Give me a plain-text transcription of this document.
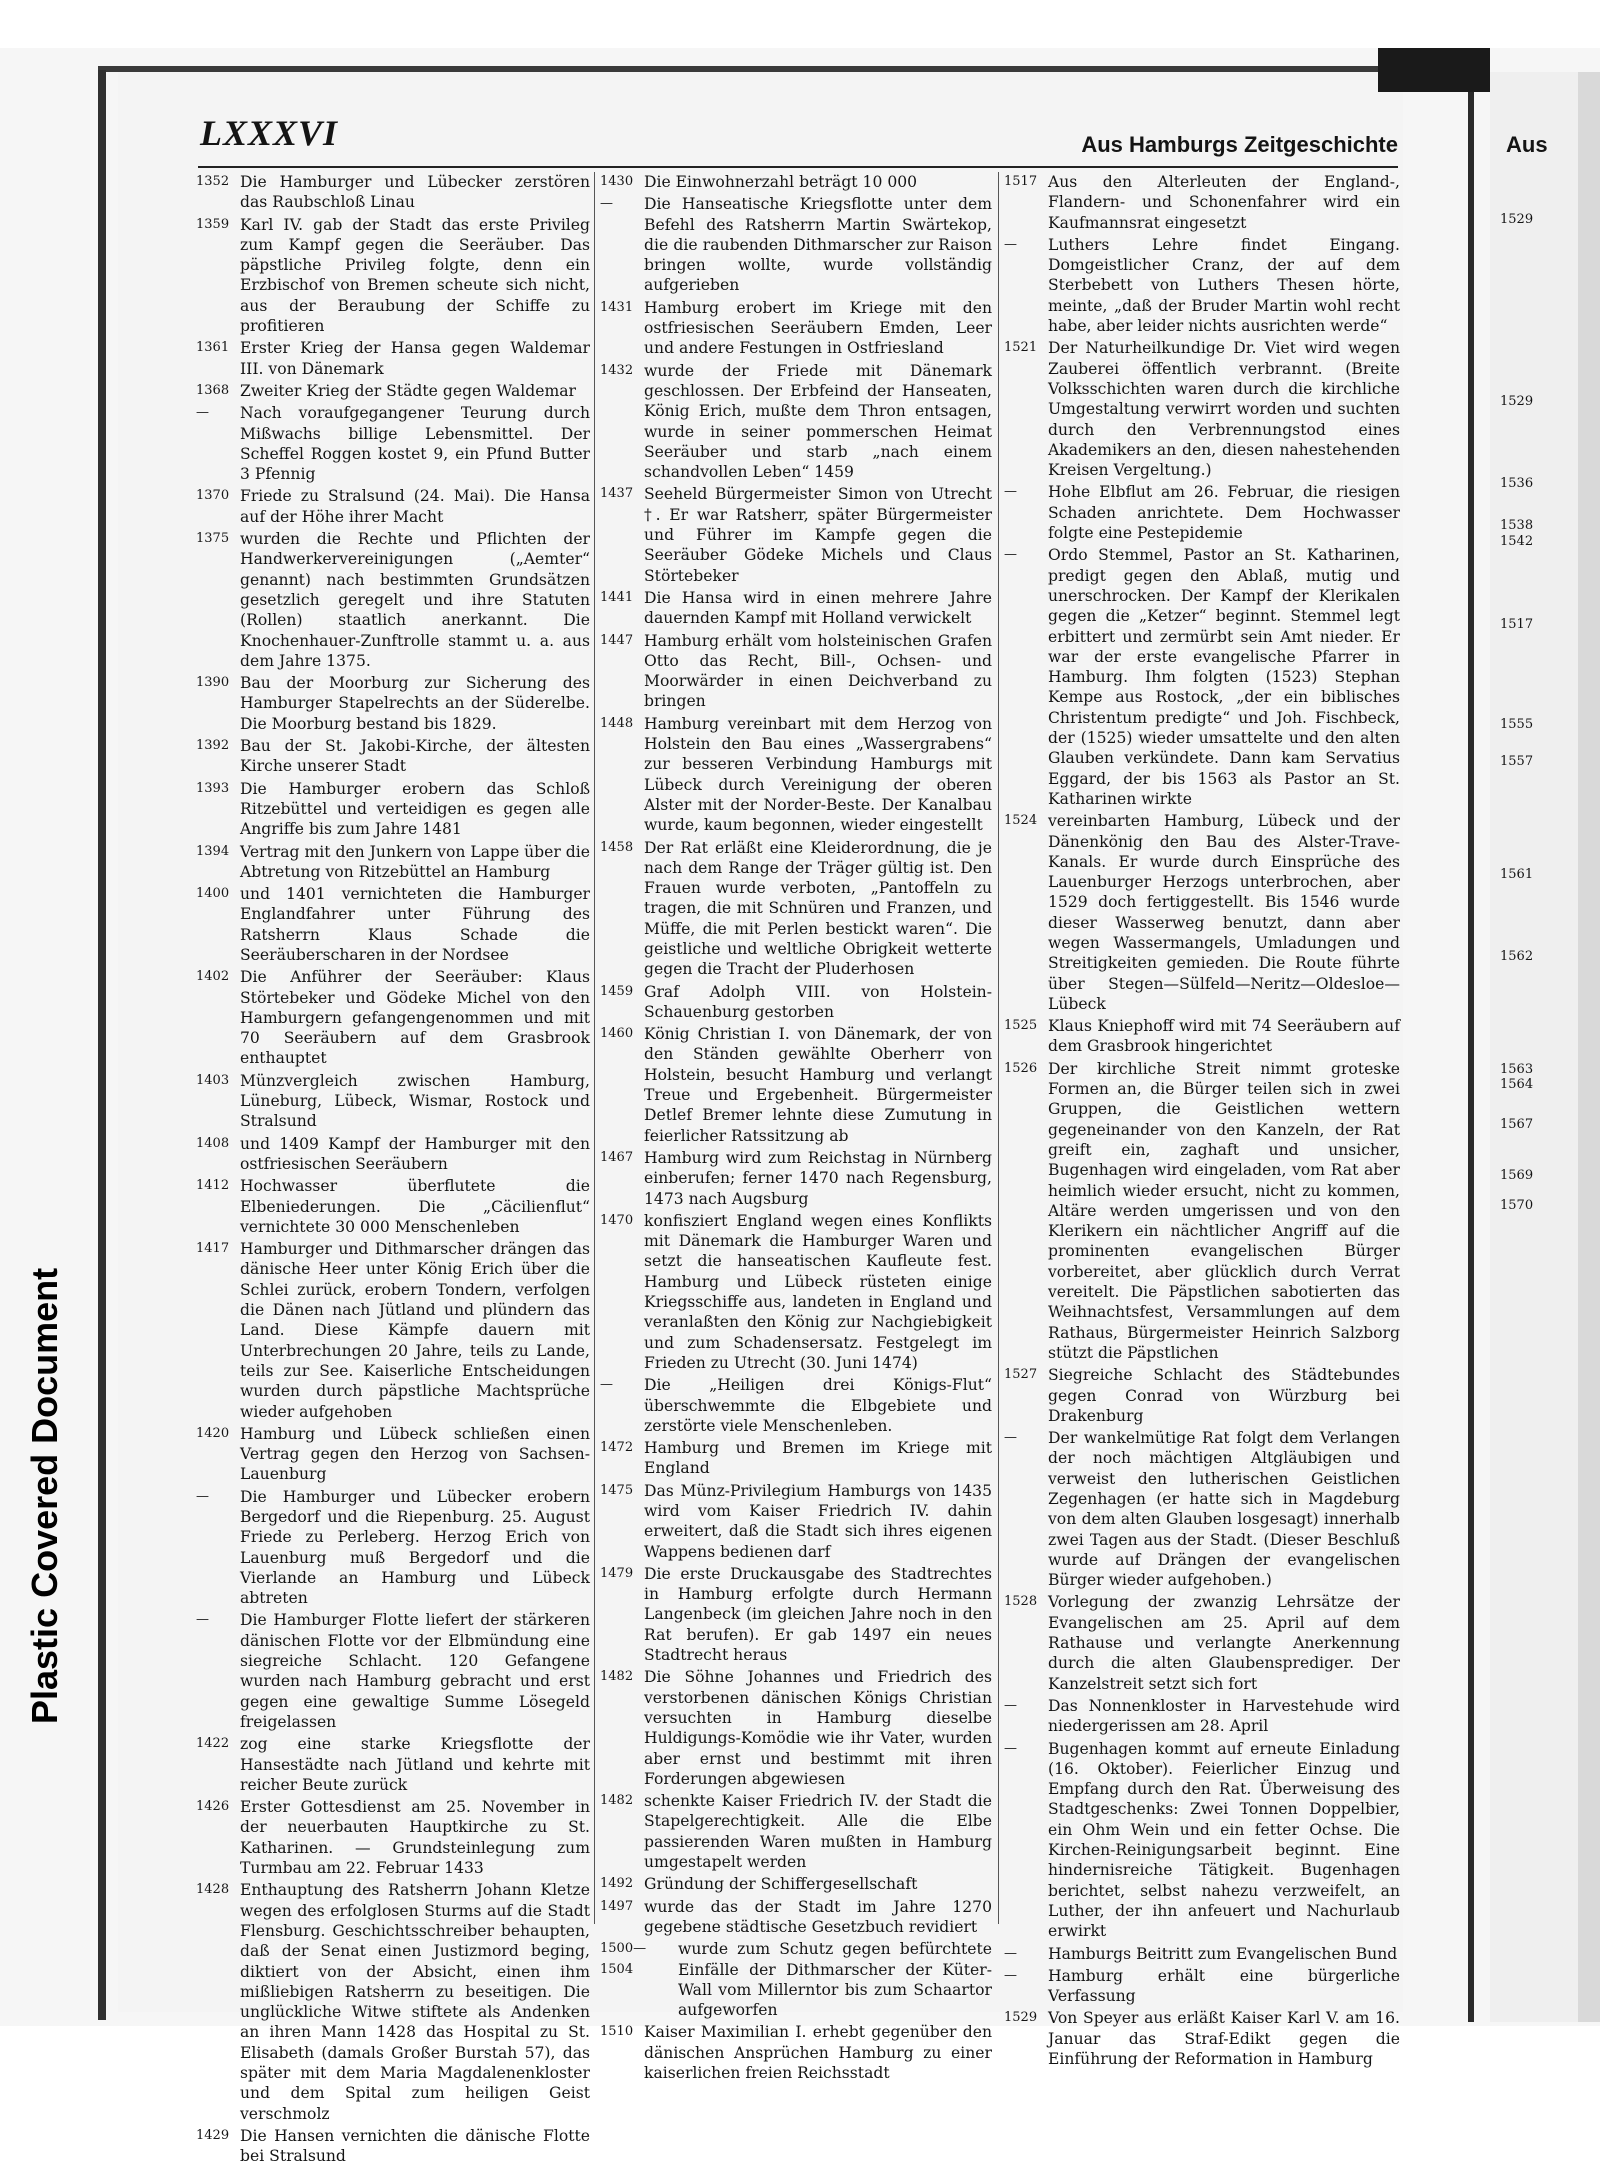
Aus
1529
1529
1536
1538
1542
1517
1555
1557
1561
1562
1563
1564
1567
1569
1570
Plastic Covered Document
LXXXVI	Aus Hamburgs Zeitgeschichte
1352 Die Hamburger und Lübecker zerstören das Raubschloß Linau
1359 Karl IV. gab der Stadt das erste Privileg zum Kampf gegen die Seeräuber. Das päpstliche Privileg folgte, denn ein Erzbischof von Bremen scheute sich nicht, aus der Beraubung der Schiffe zu profitieren
1361 Erster Krieg der Hansa gegen Waldemar III. von Dänemark
1368 Zweiter Krieg der Städte gegen Waldemar
—	Nach voraufgegangener Teurung durch Mißwachs billige Lebensmittel. Der Scheffel Roggen kostet 9, ein Pfund Butter 3 Pfennig
1370 Friede zu Stralsund (24. Mai). Die Hansa auf der Höhe ihrer Macht
1375 wurden die Rechte und Pflichten der Handwerkervereinigungen („Aemter“ genannt) nach bestimmten Grundsätzen gesetzlich geregelt und ihre Statuten (Rollen) staatlich anerkannt. Die Knochenhauer-Zunftrolle stammt u. a. aus dem Jahre 1375.
1390 Bau der Moorburg zur Sicherung des Hamburger Stapelrechts an der Süderelbe. Die Moorburg bestand bis 1829.
1392 Bau der St. Jakobi-Kirche, der ältesten Kirche unserer Stadt
1393 Die Hamburger erobern das Schloß Ritzebüttel und verteidigen es gegen alle Angriffe bis zum Jahre 1481
1394 Vertrag mit den Junkern von Lappe über die Abtretung von Ritzebüttel an Hamburg
1400 und 1401 vernichteten die Hamburger Englandfahrer unter Führung des Ratsherrn Klaus Schade die Seeräuberscharen in der Nordsee
1402 Die Anführer der Seeräuber: Klaus Störtebeker und Gödeke Michel von den Hamburgern gefangengenommen und mit 70 Seeräubern auf dem Grasbrook enthauptet
1403 Münzvergleich zwischen Hamburg, Lüneburg, Lübeck, Wismar, Rostock und Stralsund
1408 und 1409 Kampf der Hamburger mit den ostfriesischen Seeräubern
1412 Hochwasser überflutete die Elbeniederungen. Die „Cäcilienflut“ vernichtete 30 000 Menschenleben
1417 Hamburger und Dithmarscher drängen das dänische Heer unter König Erich über die Schlei zurück, erobern Tondern, verfolgen die Dänen nach Jütland und plündern das Land. Diese Kämpfe dauern mit Unterbrechungen 20 Jahre, teils zu Lande, teils zur See. Kaiserliche Entscheidungen wurden durch päpstliche Machtsprüche wieder aufgehoben
1420 Hamburg und Lübeck schließen einen Vertrag gegen den Herzog von Sachsen-Lauenburg
—	Die Hamburger und Lübecker erobern Bergedorf und die Riepenburg. 25. August Friede zu Perleberg. Herzog Erich von Lauenburg muß Bergedorf und die Vierlande an Hamburg und Lübeck abtreten
—	Die Hamburger Flotte liefert der stärkeren dänischen Flotte vor der Elbmündung eine siegreiche Schlacht. 120 Gefangene wurden nach Hamburg gebracht und erst gegen eine gewaltige Summe Lösegeld freigelassen
1422 zog eine starke Kriegsflotte der Hansestädte nach Jütland und kehrte mit reicher Beute zurück
1426 Erster Gottesdienst am 25. November in der neuerbauten Hauptkirche zu St. Katharinen. — Grundsteinlegung zum Turmbau am 22. Februar 1433
1428 Enthauptung des Ratsherrn Johann Kletze wegen des erfolglosen Sturms auf die Stadt Flensburg. Geschichtsschreiber behaupten, daß der Senat einen Justizmord beging, diktiert von der Absicht, einen ihm mißliebigen Ratsherrn zu beseitigen. Die unglückliche Witwe stiftete als Andenken an ihren Mann 1428 das Hospital zu St. Elisabeth (damals Großer Burstah 57), das später mit dem Maria Magdalenenkloster und dem Spital zum heiligen Geist verschmolz
1429 Die Hansen vernichten die dänische Flotte bei Stralsund
1430 Die Einwohnerzahl beträgt 10 000
—	Die Hanseatische Kriegsflotte unter dem Befehl des Ratsherrn Martin Swärtekop, die die raubenden Dithmarscher zur Raison bringen wollte, wurde vollständig aufgerieben
1431 Hamburg erobert im Kriege mit den ostfriesischen Seeräubern Emden, Leer und andere Festungen in Ostfriesland
1432 wurde der Friede mit Dänemark geschlossen. Der Erbfeind der Hanseaten, König Erich, mußte dem Thron entsagen, wurde in seiner pommerschen Heimat Seeräuber und starb „nach einem schandvollen Leben“ 1459
1437 Seeheld Bürgermeister Simon von Utrecht †. Er war Ratsherr, später Bürgermeister und Führer im Kampfe gegen die Seeräuber Gödeke Michels und Claus Störtebeker
1441 Die Hansa wird in einen mehrere Jahre dauernden Kampf mit Holland verwickelt
1447 Hamburg erhält vom holsteinischen Grafen Otto das Recht, Bill-, Ochsen- und Moorwärder in einen Deichverband zu bringen
1448 Hamburg vereinbart mit dem Herzog von Holstein den Bau eines „Wassergrabens“ zur besseren Verbindung Hamburgs mit Lübeck durch Vereinigung der oberen Alster mit der Norder-Beste. Der Kanalbau wurde, kaum begonnen, wieder eingestellt
1458 Der Rat erläßt eine Kleiderordnung, die je nach dem Range der Träger gültig ist. Den Frauen wurde verboten, „Pantoffeln zu tragen, die mit Schnüren und Franzen, und Müffe, die mit Perlen bestickt waren“. Die geistliche und weltliche Obrigkeit wetterte gegen die Tracht der Pluderhosen
1459 Graf Adolph VIII. von Holstein-Schauenburg gestorben
1460 König Christian I. von Dänemark, der von den Ständen gewählte Oberherr von Holstein, besucht Hamburg und verlangt Treue und Ergebenheit. Bürgermeister Detlef Bremer lehnte diese Zumutung in feierlicher Ratssitzung ab
1467 Hamburg wird zum Reichstag in Nürnberg einberufen; ferner 1470 nach Regensburg, 1473 nach Augsburg
1470 konfisziert England wegen eines Konflikts mit Dänemark die Hamburger Waren und setzt die hanseatischen Kaufleute fest. Hamburg und Lübeck rüsteten einige Kriegsschiffe aus, landeten in England und veranlaßten den König zur Nachgiebigkeit und zum Schadensersatz. Festgelegt im Frieden zu Utrecht (30. Juni 1474)
—	Die „Heiligen drei Königs-Flut“ überschwemmte die Elbgebiete und zerstörte viele Menschenleben.
1472 Hamburg und Bremen im Kriege mit England
1475 Das Münz-Privilegium Hamburgs von 1435 wird vom Kaiser Friedrich IV. dahin erweitert, daß die Stadt sich ihres eigenen Wappens bedienen darf
1479 Die erste Druckausgabe des Stadtrechtes in Hamburg erfolgte durch Hermann Langenbeck (im gleichen Jahre noch in den Rat berufen). Er gab 1497 ein neues Stadtrecht heraus
1482 Die Söhne Johannes und Friedrich des verstorbenen dänischen Königs Christian versuchten in Hamburg dieselbe Huldigungs-Komödie wie ihr Vater, wurden aber ernst und bestimmt mit ihren Forderungen abgewiesen
1482 schenkte Kaiser Friedrich IV. der Stadt die Stapelgerechtigkeit. Alle die Elbe passierenden Waren mußten in Hamburg umgestapelt werden
1492 Gründung der Schiffergesellschaft
1497 wurde das der Stadt im Jahre 1270 gegebene städtische Gesetzbuch revidiert
1500—1504
wurde zum Schutz gegen befürchtete Einfälle der Dithmarscher der Küter-Wall vom Millerntor bis zum Schaartor aufgeworfen
1510 Kaiser Maximilian I. erhebt gegenüber den dänischen Ansprüchen Hamburg zu einer kaiserlichen freien Reichsstadt
1517 Aus den Alterleuten der England-, Flandern- und Schonenfahrer wird ein Kaufmannsrat eingesetzt
—	Luthers Lehre findet Eingang. Domgeistlicher Cranz, der auf dem Sterbebett von Luthers Thesen hörte, meinte, „daß der Bruder Martin wohl recht habe, aber leider nichts ausrichten werde“
1521 Der Naturheilkundige Dr. Viet wird wegen Zauberei öffentlich verbrannt. (Breite Volksschichten waren durch die kirchliche Umgestaltung verwirrt worden und suchten durch den Verbrennungstod eines Akademikers an den, diesen nahestehenden Kreisen Vergeltung.)
—	Hohe Elbflut am 26. Februar, die riesigen Schaden anrichtete. Dem Hochwasser folgte eine Pestepidemie
—	Ordo Stemmel, Pastor an St. Katharinen, predigt gegen den Ablaß, mutig und unerschrocken. Der Kampf der Klerikalen gegen die „Ketzer“ beginnt. Stemmel legt erbittert und zermürbt sein Amt nieder. Er war der erste evangelische Pfarrer in Hamburg. Ihm folgten (1523) Stephan Kempe aus Rostock, „der ein biblisches Christentum predigte“ und Joh. Fischbeck, der (1525) wieder umsattelte und den alten Glauben verkündete. Dann kam Servatius Eggard, der bis 1563 als Pastor an St. Katharinen wirkte
1524 vereinbarten Hamburg, Lübeck und der Dänenkönig den Bau des Alster-Trave-Kanals. Er wurde durch Einsprüche des Lauenburger Herzogs unterbrochen, aber 1529 doch fertiggestellt. Bis 1546 wurde dieser Wasserweg benutzt, dann aber wegen Wassermangels, Umladungen und Streitigkeiten gemieden. Die Route führte über Stegen—Sülfeld—Neritz—Oldesloe—Lübeck
1525 Klaus Kniephoff wird mit 74 Seeräubern auf dem Grasbrook hingerichtet
1526 Der kirchliche Streit nimmt groteske Formen an, die Bürger teilen sich in zwei Gruppen, die Geistlichen wettern gegeneinander von den Kanzeln, der Rat greift ein, zaghaft und unsicher, Bugenhagen wird eingeladen, vom Rat aber heimlich wieder ersucht, nicht zu kommen, Altäre werden umgerissen und von den Klerikern ein nächtlicher Angriff auf die prominenten evangelischen Bürger vorbereitet, aber glücklich durch Verrat vereitelt. Die Päpstlichen sabotierten das Weihnachtsfest, Versammlungen auf dem Rathaus, Bürgermeister Heinrich Salzborg stützt die Päpstlichen
1527 Siegreiche Schlacht des Städtebundes gegen Conrad von Würzburg bei Drakenburg
—	Der wankelmütige Rat folgt dem Verlangen der noch mächtigen Altgläubigen und verweist den lutherischen Geistlichen Zegenhagen (er hatte sich in Magdeburg von dem alten Glauben losgesagt) innerhalb zwei Tagen aus der Stadt. (Dieser Beschluß wurde auf Drängen der evangelischen Bürger wieder aufgehoben.)
1528 Vorlegung der zwanzig Lehrsätze der Evangelischen am 25. April auf dem Rathause und verlangte Anerkennung durch die alten Glaubensprediger. Der Kanzelstreit setzt sich fort
—	Das Nonnenkloster in Harvestehude wird niedergerissen am 28. April
—	Bugenhagen kommt auf erneute Einladung (16. Oktober). Feierlicher Einzug und Empfang durch den Rat. Überweisung des Stadtgeschenks: Zwei Tonnen Doppelbier, ein Ohm Wein und ein fetter Ochse. Die Kirchen-Reinigungsarbeit beginnt. Eine hindernisreiche Tätigkeit. Bugenhagen berichtet, selbst nahezu verzweifelt, an Luther, der ihn anfeuert und Nachurlaub erwirkt
—	Hamburgs Beitritt zum Evangelischen Bund
—	Hamburg erhält eine bürgerliche Verfassung
1529 Von Speyer aus erläßt Kaiser Karl V. am 16. Januar das Straf-Edikt gegen die Einführung der Reformation in Hamburg
